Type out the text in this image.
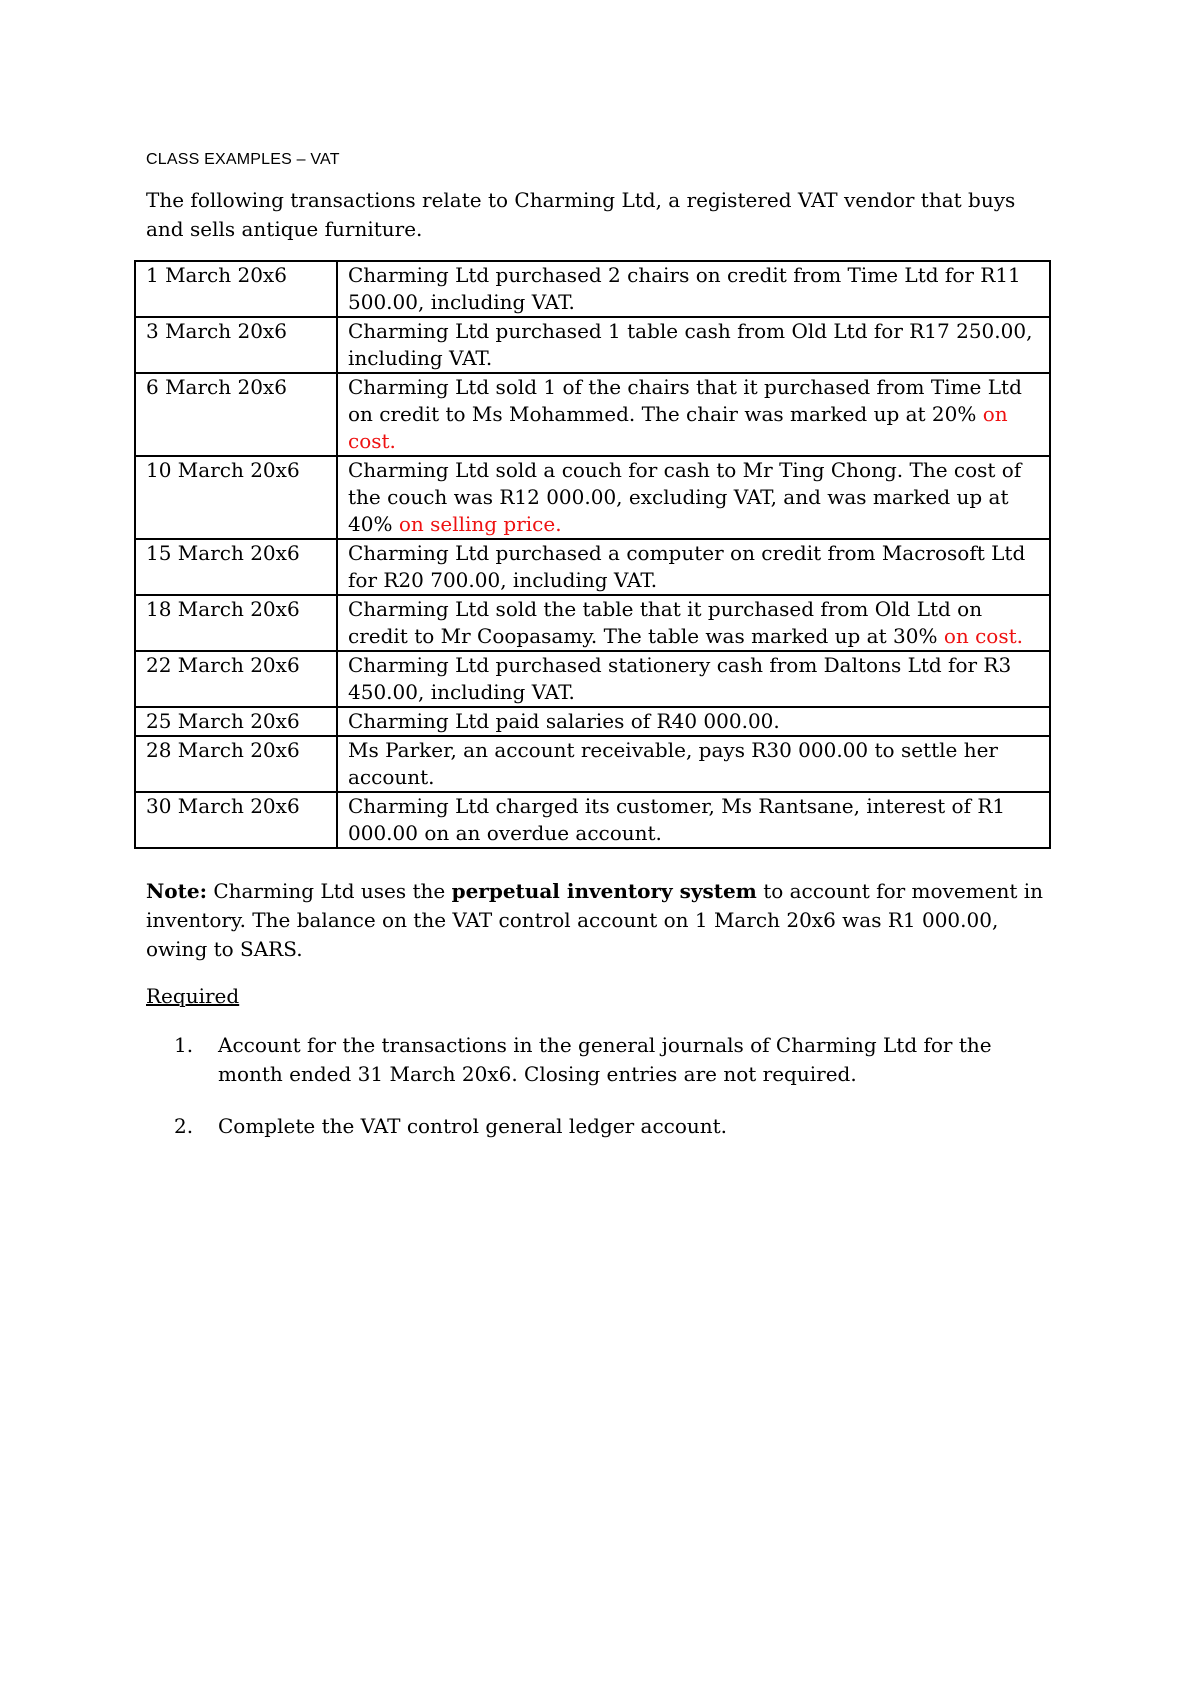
CLASS EXAMPLES – VAT
The following transactions relate to Charming Ltd, a registered VAT vendor that buys and sells antique furniture.
1 March 20x6	Charming Ltd purchased 2 chairs on credit from Time Ltd for R11 500.00, including VAT.
3 March 20x6	Charming Ltd purchased 1 table cash from Old Ltd for R17 250.00, including VAT.
6 March 20x6	Charming Ltd sold 1 of the chairs that it purchased from Time Ltd on credit to Ms Mohammed. The chair was marked up at 20% on cost.
10 March 20x6	Charming Ltd sold a couch for cash to Mr Ting Chong. The cost of the couch was R12 000.00, excluding VAT, and was marked up at 40% on selling price.
15 March 20x6	Charming Ltd purchased a computer on credit from Macrosoft Ltd for R20 700.00, including VAT.
18 March 20x6	Charming Ltd sold the table that it purchased from Old Ltd on credit to Mr Coopasamy. The table was marked up at 30% on cost.
22 March 20x6	Charming Ltd purchased stationery cash from Daltons Ltd for R3 450.00, including VAT.
25 March 20x6	Charming Ltd paid salaries of R40 000.00.
28 March 20x6	Ms Parker, an account receivable, pays R30 000.00 to settle her account.
30 March 20x6	Charming Ltd charged its customer, Ms Rantsane, interest of R1 000.00 on an overdue account.
Note: Charming Ltd uses the perpetual inventory system to account for movement in inventory. The balance on the VAT control account on 1 March 20x6 was R1 000.00, owing to SARS.
Required
1. Account for the transactions in the general journals of Charming Ltd for the month ended 31 March 20x6. Closing entries are not required.
2. Complete the VAT control general ledger account.
